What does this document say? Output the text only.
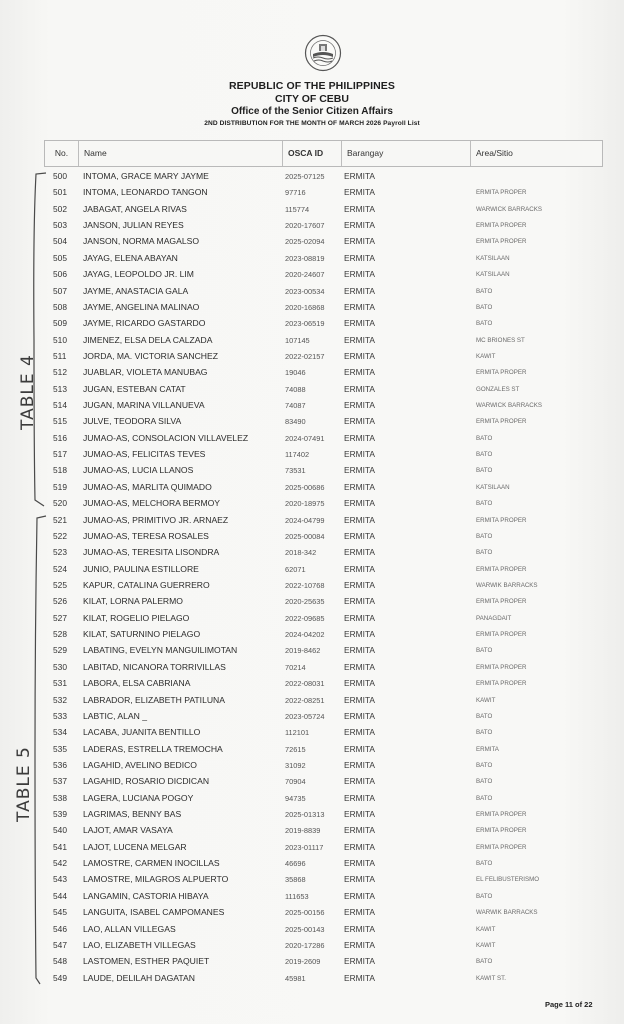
REPUBLIC OF THE PHILIPPINES
CITY OF CEBU
Office of the Senior Citizen Affairs
2ND DISTRIBUTION FOR THE MONTH OF MARCH 2026 Payroll List
No.	Name	OSCA ID	Barangay	Area/Sitio
500 INTOMA, GRACE MARY JAYME	2025-07125 ERMITA
501 INTOMA, LEONARDO TANGON	97716	ERMITA	ERMITA PROPER
502 JABAGAT, ANGELA RIVAS	115774	ERMITA	WARWICK BARRACKS
503 JANSON, JULIAN REYES	2020-17607 ERMITA	ERMITA PROPER
504 JANSON, NORMA MAGALSO	2025-02094 ERMITA	ERMITA PROPER
505 JAYAG, ELENA ABAYAN	2023-08819 ERMITA	KATSILAAN
506 JAYAG, LEOPOLDO JR. LIM	2020-24607 ERMITA	KATSILAAN
507 JAYME, ANASTACIA GALA	2023-00534 ERMITA	BATO
508 JAYME, ANGELINA MALINAO	2020-16868 ERMITA	BATO
509 JAYME, RICARDO GASTARDO	2023-06519 ERMITA	BATO
510 JIMENEZ, ELSA DELA CALZADA	107145	ERMITA	MC BRIONES ST
511 JORDA, MA. VICTORIA SANCHEZ	2022-02157 ERMITA	KAWIT
512 JUABLAR, VIOLETA MANUBAG	19046	ERMITA	ERMITA PROPER
513 JUGAN, ESTEBAN CATAT	74088	ERMITA	GONZALES ST
514 JUGAN, MARINA VILLANUEVA	74087	ERMITA	WARWICK BARRACKS
515 JULVE, TEODORA SILVA	83490	ERMITA	ERMITA PROPER
516 JUMAO-AS, CONSOLACION VILLAVELEZ	2024-07491 ERMITA	BATO
517 JUMAO-AS, FELICITAS TEVES	117402	ERMITA	BATO
518 JUMAO-AS, LUCIA LLANOS	73531	ERMITA	BATO
519 JUMAO-AS, MARLITA QUIMADO	2025-00686 ERMITA	KATSILAAN
520 JUMAO-AS, MELCHORA BERMOY	2020-18975 ERMITA	BATO
521 JUMAO-AS, PRIMITIVO JR. ARNAEZ	2024-04799 ERMITA	ERMITA PROPER
522 JUMAO-AS, TERESA ROSALES	2025-00084 ERMITA	BATO
523 JUMAO-AS, TERESITA LISONDRA	2018-342	ERMITA	BATO
524 JUNIO, PAULINA ESTILLORE	62071	ERMITA	ERMITA PROPER
525 KAPUR, CATALINA GUERRERO	2022-10768 ERMITA	WARWIK BARRACKS
526 KILAT, LORNA PALERMO	2020-25635 ERMITA	ERMITA PROPER
527 KILAT, ROGELIO PIELAGO	2022-09685 ERMITA	PANAGDAIT
528 KILAT, SATURNINO PIELAGO	2024-04202 ERMITA	ERMITA PROPER
529 LABATING, EVELYN MANGUILIMOTAN	2019-8462	ERMITA	BATO
530 LABITAD, NICANORA TORRIVILLAS	70214	ERMITA	ERMITA PROPER
531 LABORA, ELSA CABRIANA	2022-08031 ERMITA	ERMITA PROPER
532 LABRADOR, ELIZABETH PATILUNA	2022-08251 ERMITA	KAWIT
533 LABTIC, ALAN _	2023-05724 ERMITA	BATO
534 LACABA, JUANITA BENTILLO	112101	ERMITA	BATO
535 LADERAS, ESTRELLA TREMOCHA	72615	ERMITA	ERMITA
536 LAGAHID, AVELINO BEDICO	31092	ERMITA	BATO
537 LAGAHID, ROSARIO DICDICAN	70904	ERMITA	BATO
538 LAGERA, LUCIANA POGOY	94735	ERMITA	BATO
539 LAGRIMAS, BENNY BAS	2025-01313 ERMITA	ERMITA PROPER
540 LAJOT, AMAR VASAYA	2019-8839	ERMITA	ERMITA PROPER
541 LAJOT, LUCENA MELGAR	2023-01117 ERMITA	ERMITA PROPER
542 LAMOSTRE, CARMEN INOCILLAS	46696	ERMITA	BATO
543 LAMOSTRE, MILAGROS ALPUERTO	35868	ERMITA	EL FELIBUSTERISMO
544 LANGAMIN, CASTORIA HIBAYA	111653	ERMITA	BATO
545 LANGUITA, ISABEL CAMPOMANES	2025-00156 ERMITA	WARWIK BARRACKS
546 LAO, ALLAN VILLEGAS	2025-00143 ERMITA	KAWIT
547 LAO, ELIZABETH VILLEGAS	2020-17286 ERMITA	KAWIT
548 LASTOMEN, ESTHER PAQUIET	2019-2609	ERMITA	BATO
549 LAUDE, DELILAH DAGATAN	45981	ERMITA	KAWIT ST.
TABLE 4
TABLE 5
Page 11 of 22
